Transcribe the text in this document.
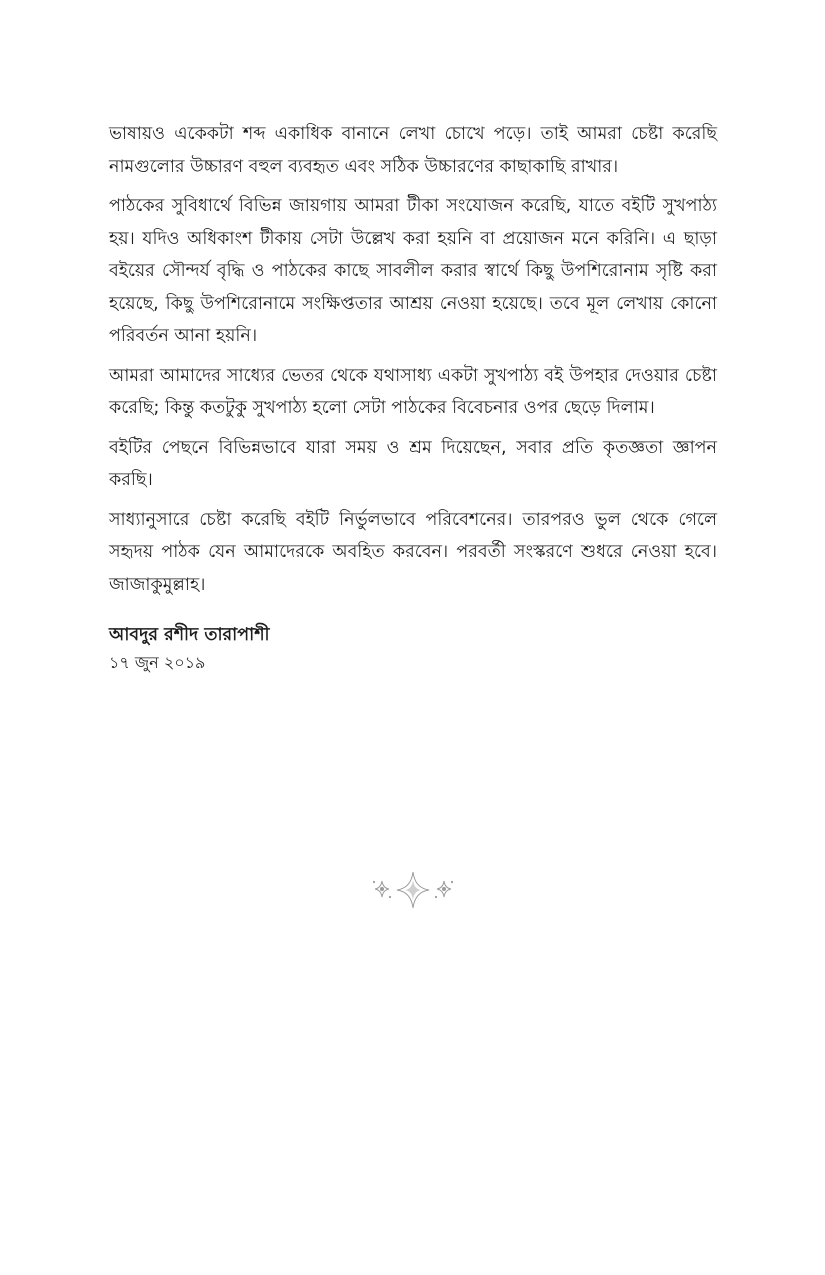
ভাষায়ও একেকটা শব্দ একাধিক বানানে লেখা চোখে পড়ে। তাই আমরা চেষ্টা করেছি নামগুলোর উচ্চারণ বহুল ব্যবহৃত এবং সঠিক উচ্চারণের কাছাকাছি রাখার।

পাঠকের সুবিধার্থে বিভিন্ন জায়গায় আমরা টীকা সংযোজন করেছি, যাতে বইটি সুখপাঠ্য হয়। যদিও অধিকাংশ টীকায় সেটা উল্লেখ করা হয়নি বা প্রয়োজন মনে করিনি। এ ছাড়া বইয়ের সৌন্দর্য বৃদ্ধি ও পাঠকের কাছে সাবলীল করার স্বার্থে কিছু উপশিরোনাম সৃষ্টি করা হয়েছে, কিছু উপশিরোনামে সংক্ষিপ্ততার আশ্রয় নেওয়া হয়েছে। তবে মূল লেখায় কোনো পরিবর্তন আনা হয়নি।

আমরা আমাদের সাধ্যের ভেতর থেকে যথাসাধ্য একটা সুখপাঠ্য বই উপহার দেওয়ার চেষ্টা করেছি; কিন্তু কতটুকু সুখপাঠ্য হলো সেটা পাঠকের বিবেচনার ওপর ছেড়ে দিলাম।

বইটির পেছনে বিভিন্নভাবে যারা সময় ও শ্রম দিয়েছেন, সবার প্রতি কৃতজ্ঞতা জ্ঞাপন করছি।

সাধ্যানুসারে চেষ্টা করেছি বইটি নির্ভুলভাবে পরিবেশনের। তারপরও ভুল থেকে গেলে সহৃদয় পাঠক যেন আমাদেরকে অবহিত করবেন। পরবর্তী সংস্করণে শুধরে নেওয়া হবে। জাজাকুমুল্লাহ।

আবদুর রশীদ তারাপাশী
১৭ জুন ২০১৯
